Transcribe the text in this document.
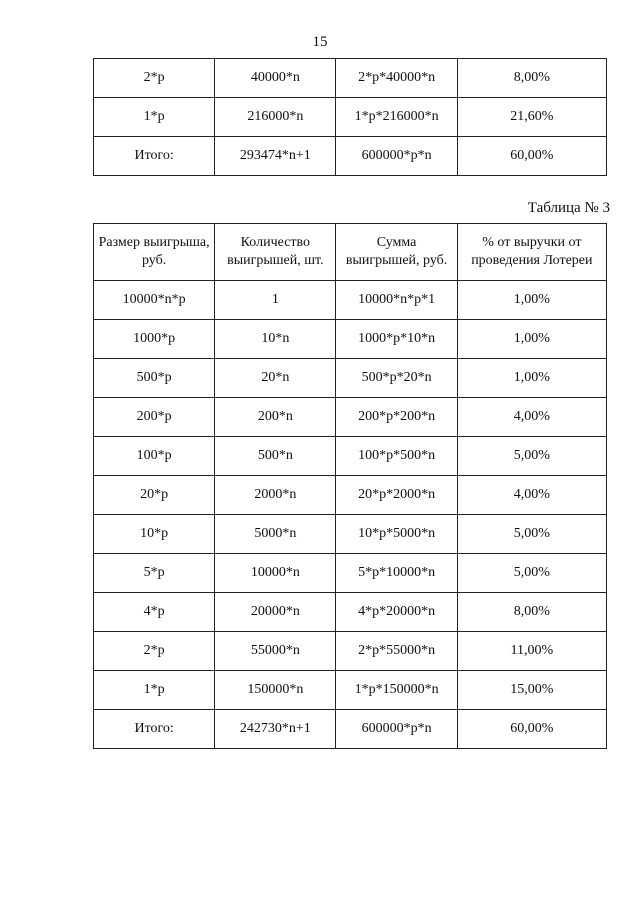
15
2*р	40000*n	2*р*40000*n	8,00%
1*р	216000*n	1*р*216000*n	21,60%
Итого:	293474*n+1	600000*р*n	60,00%
Таблица № 3
Размер выигрыша, руб.	Количество выигрышей, шт.	Сумма выигрышей, руб.	% от выручки от проведения Лотереи
10000*n*р	1	10000*n*р*1	1,00%
1000*р	10*n	1000*р*10*n	1,00%
500*р	20*n	500*р*20*n	1,00%
200*р	200*n	200*р*200*n	4,00%
100*р	500*n	100*р*500*n	5,00%
20*р	2000*n	20*р*2000*n	4,00%
10*р	5000*n	10*р*5000*n	5,00%
5*р	10000*n	5*р*10000*n	5,00%
4*р	20000*n	4*р*20000*n	8,00%
2*р	55000*n	2*р*55000*n	11,00%
1*р	150000*n	1*р*150000*n	15,00%
Итого:	242730*n+1	600000*р*n	60,00%
